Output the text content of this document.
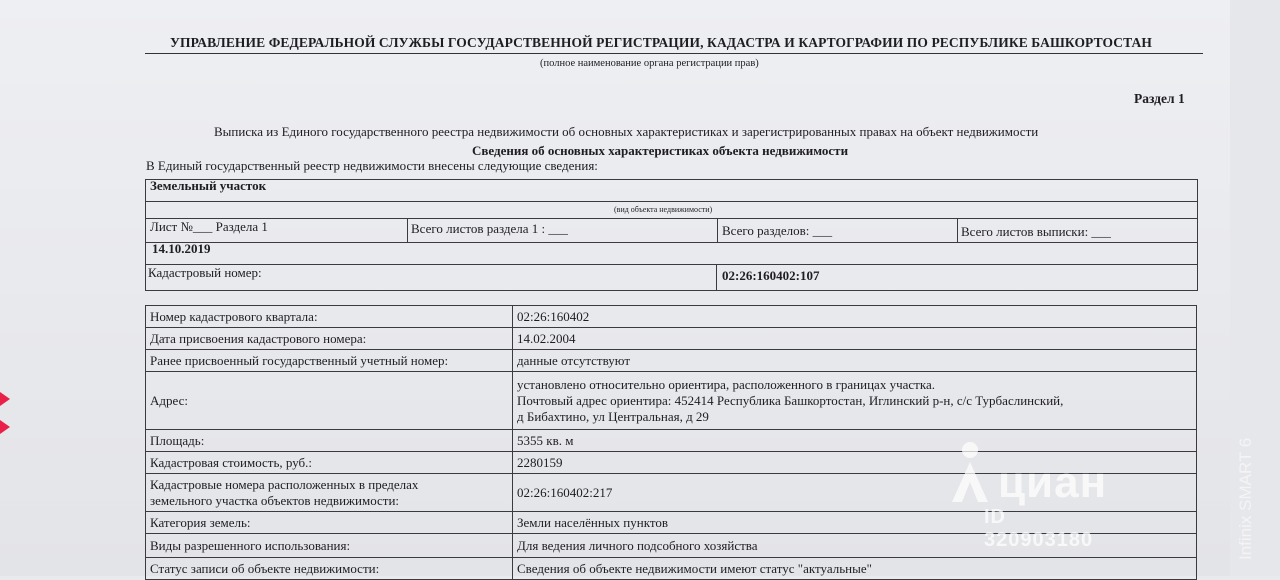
УПРАВЛЕНИЕ ФЕДЕРАЛЬНОЙ СЛУЖБЫ ГОСУДАРСТВЕННОЙ РЕГИСТРАЦИИ, КАДАСТРА И КАРТОГРАФИИ ПО РЕСПУБЛИКЕ БАШКОРТОСТАН
(полное наименование органа регистрации прав)
Раздел 1
Выписка из Единого государственного реестра недвижимости об основных характеристиках и зарегистрированных правах на объект недвижимости
Сведения об основных характеристиках объекта недвижимости
В Единый государственный реестр недвижимости внесены следующие сведения:
Земельный участок
(вид объекта недвижимости)
Лист №___ Раздела 1	Всего листов раздела 1 : ___	Всего разделов: ___	Всего листов выписки: ___
14.10.2019
Кадастровый номер:	02:26:160402:107
Номер кадастрового квартала:	02:26:160402
Дата присвоения кадастрового номера:	14.02.2004
Ранее присвоенный государственный учетный номер:	данные отсутствуют
Адрес:	установлено относительно ориентира, расположенного в границах участка.
Почтовый адрес ориентира: 452414 Республика Башкортостан, Иглинский р-н, с/с Турбаслинский,
д Бибахтино, ул Центральная, д 29

Площадь:	5355 кв. м
Кадастровая стоимость, руб.:	2280159

Кадастровые номера расположенных в пределах
земельного участка объектов недвижимости:	02:26:160402:217
Категория земель:	Земли населённых пунктов
Виды разрешенного использования:	Для ведения личного подсобного хозяйства
Статус записи об объекте недвижимости:	Сведения об объекте недвижимости имеют статус "актуальные"
циан
ID 320903180	Infinix SMART 6
